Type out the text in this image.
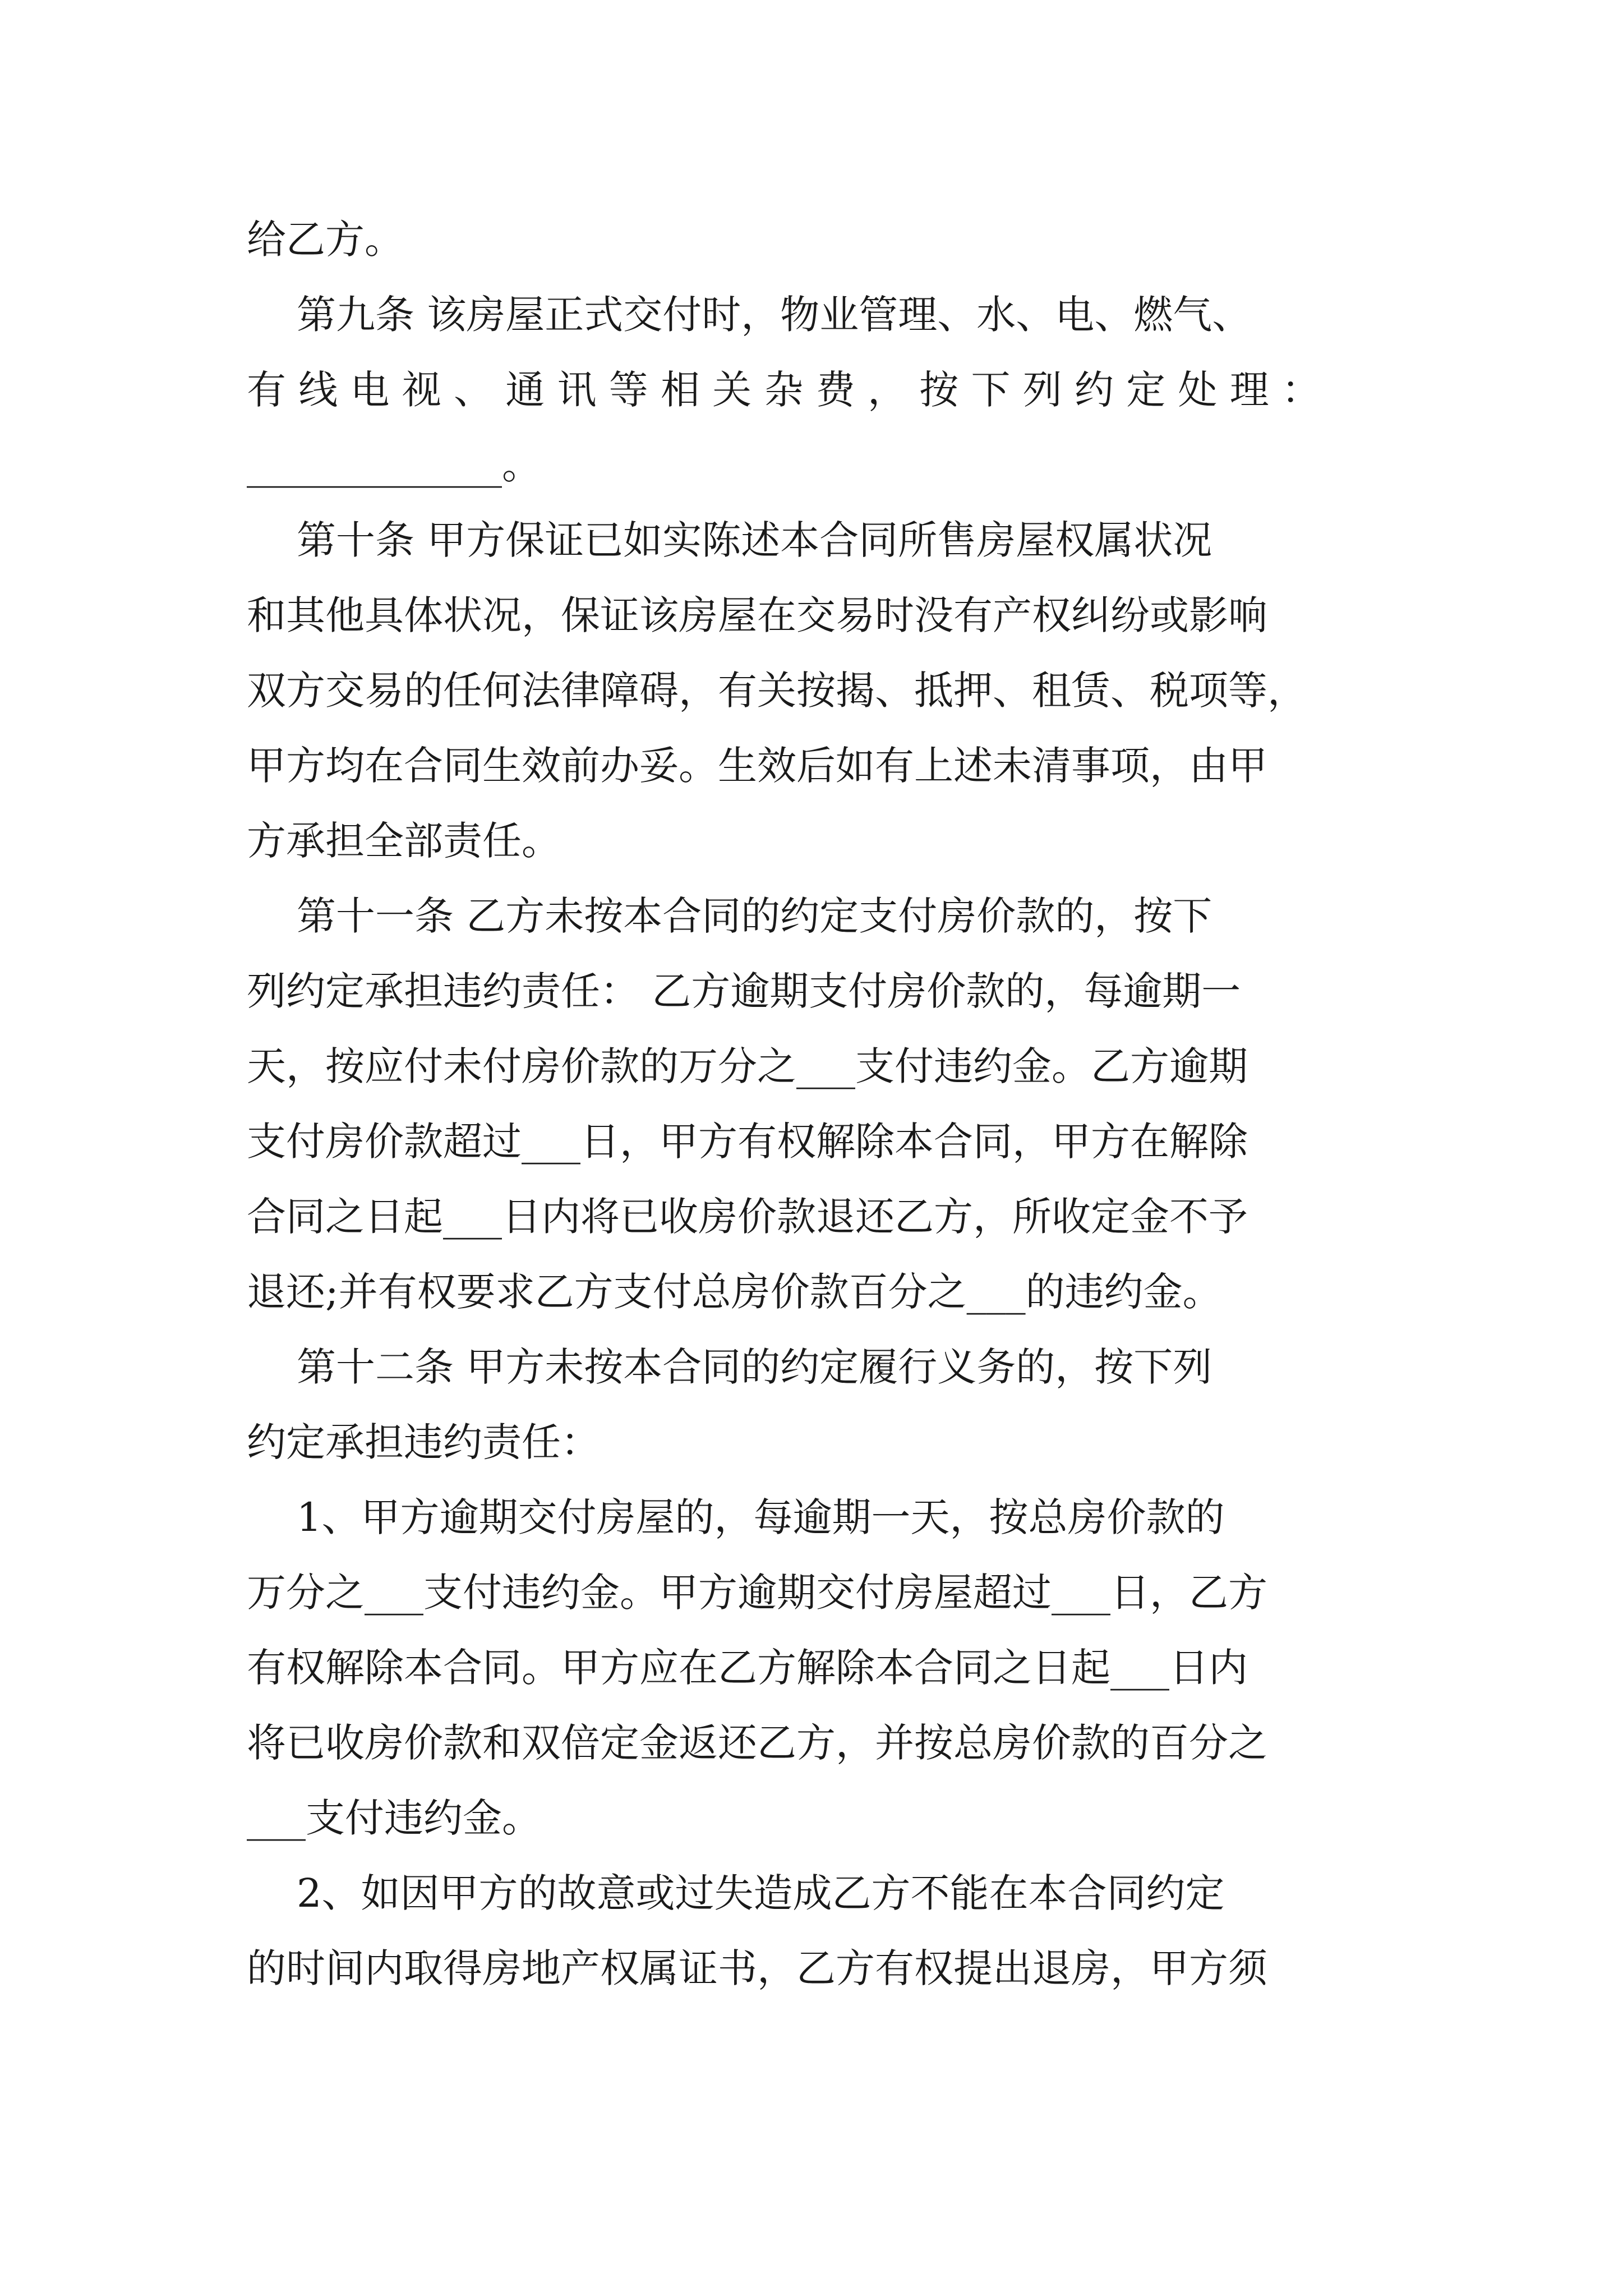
给乙方。
第九条 该房屋正式交付时，物业管理、水、电、燃气、
有 线 电 视 、 通 讯 等 相 关 杂 费 ， 按 下 列 约 定 处 理 ：
_____________。
第十条 甲方保证已如实陈述本合同所售房屋权属状况
和其他具体状况，保证该房屋在交易时没有产权纠纷或影响
双方交易的任何法律障碍，有关按揭、抵押、租赁、税项等，
甲方均在合同生效前办妥。生效后如有上述未清事项，由甲
方承担全部责任。
第十一条 乙方未按本合同的约定支付房价款的，按下
列约定承担违约责任： 乙方逾期支付房价款的，每逾期一
天，按应付未付房价款的万分之___支付违约金。乙方逾期
支付房价款超过___日，甲方有权解除本合同，甲方在解除
合同之日起___日内将已收房价款退还乙方，所收定金不予
退还;并有权要求乙方支付总房价款百分之___的违约金。
第十二条 甲方未按本合同的约定履行义务的，按下列
约定承担违约责任：
1、甲方逾期交付房屋的，每逾期一天，按总房价款的
万分之___支付违约金。甲方逾期交付房屋超过___日，乙方
有权解除本合同。甲方应在乙方解除本合同之日起___日内
将已收房价款和双倍定金返还乙方，并按总房价款的百分之
___支付违约金。
2、如因甲方的故意或过失造成乙方不能在本合同约定
的时间内取得房地产权属证书，乙方有权提出退房，甲方须
